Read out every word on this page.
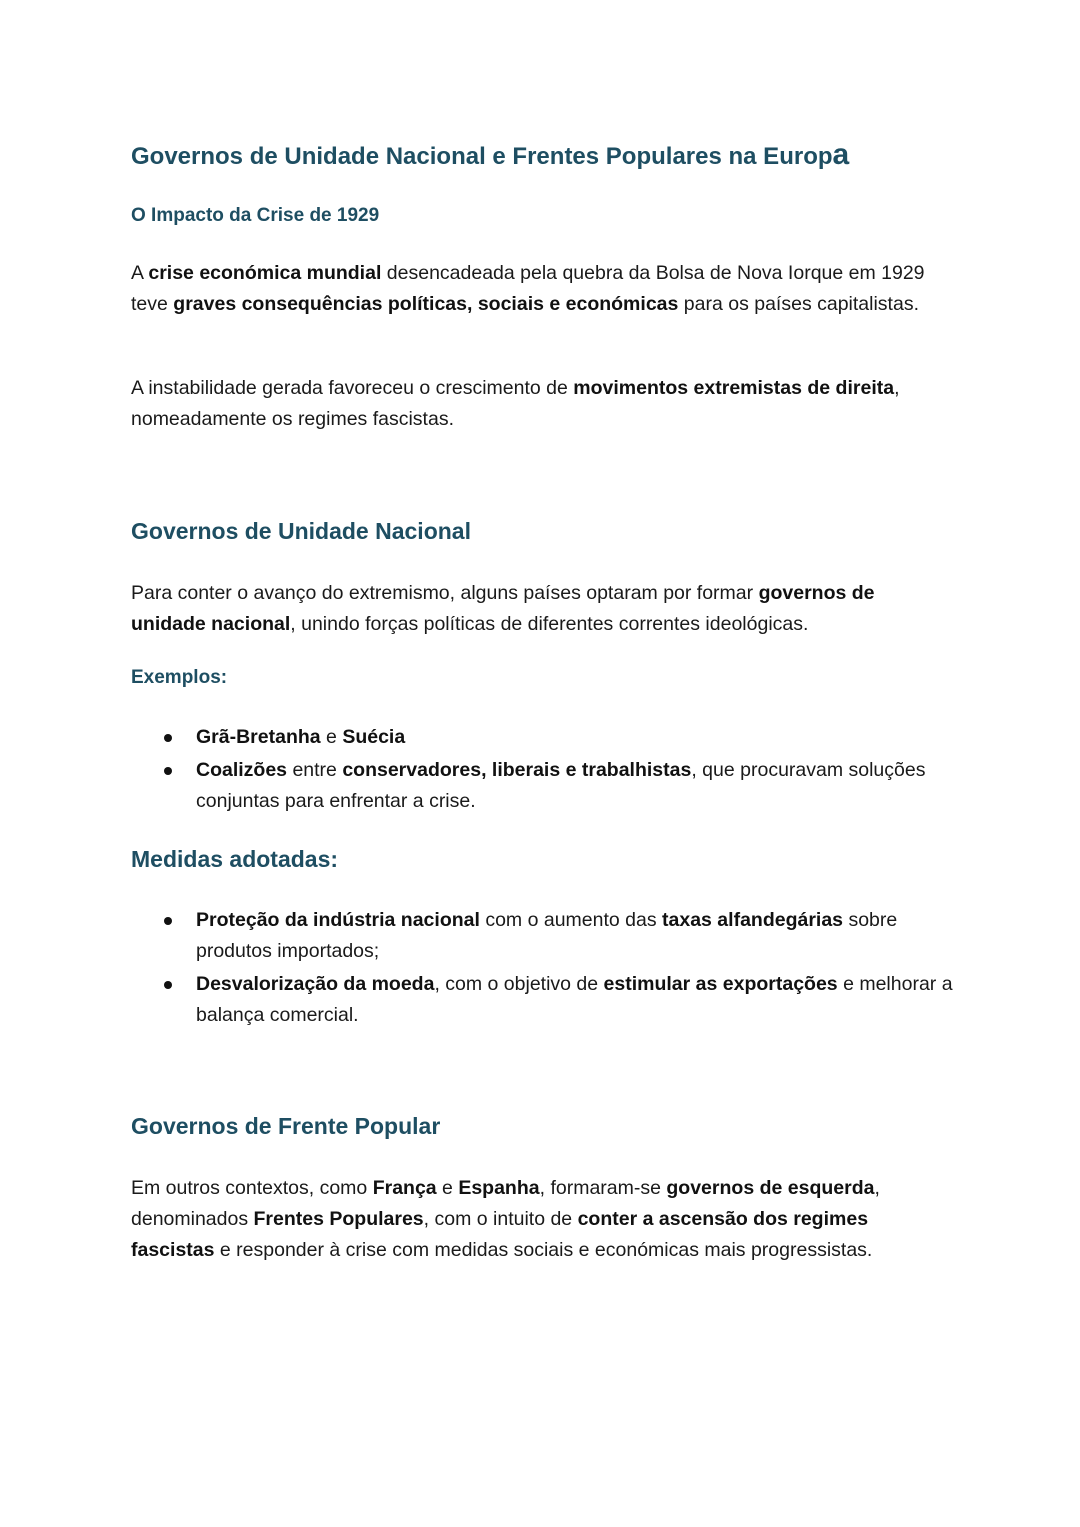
Governos de Unidade Nacional e Frentes Populares na Europa
O Impacto da Crise de 1929

A crise económica mundial desencadeada pela quebra da Bolsa de Nova Iorque em 1929 teve graves consequências políticas, sociais e económicas para os países capitalistas.

A instabilidade gerada favoreceu o crescimento de movimentos extremistas de direita, nomeadamente os regimes fascistas.

Governos de Unidade Nacional

Para conter o avanço do extremismo, alguns países optaram por formar governos de unidade nacional, unindo forças políticas de diferentes correntes ideológicas.

Exemplos:
Grã-Bretanha e Suécia
Coalizões entre conservadores, liberais e trabalhistas, que procuravam soluções conjuntas para enfrentar a crise.
Medidas adotadas:
Proteção da indústria nacional com o aumento das taxas alfandegárias sobre produtos importados;
Desvalorização da moeda, com o objetivo de estimular as exportações e melhorar a balança comercial.
Governos de Frente Popular

Em outros contextos, como França e Espanha, formaram-se governos de esquerda, denominados Frentes Populares, com o intuito de conter a ascensão dos regimes fascistas e responder à crise com medidas sociais e económicas mais progressistas.
